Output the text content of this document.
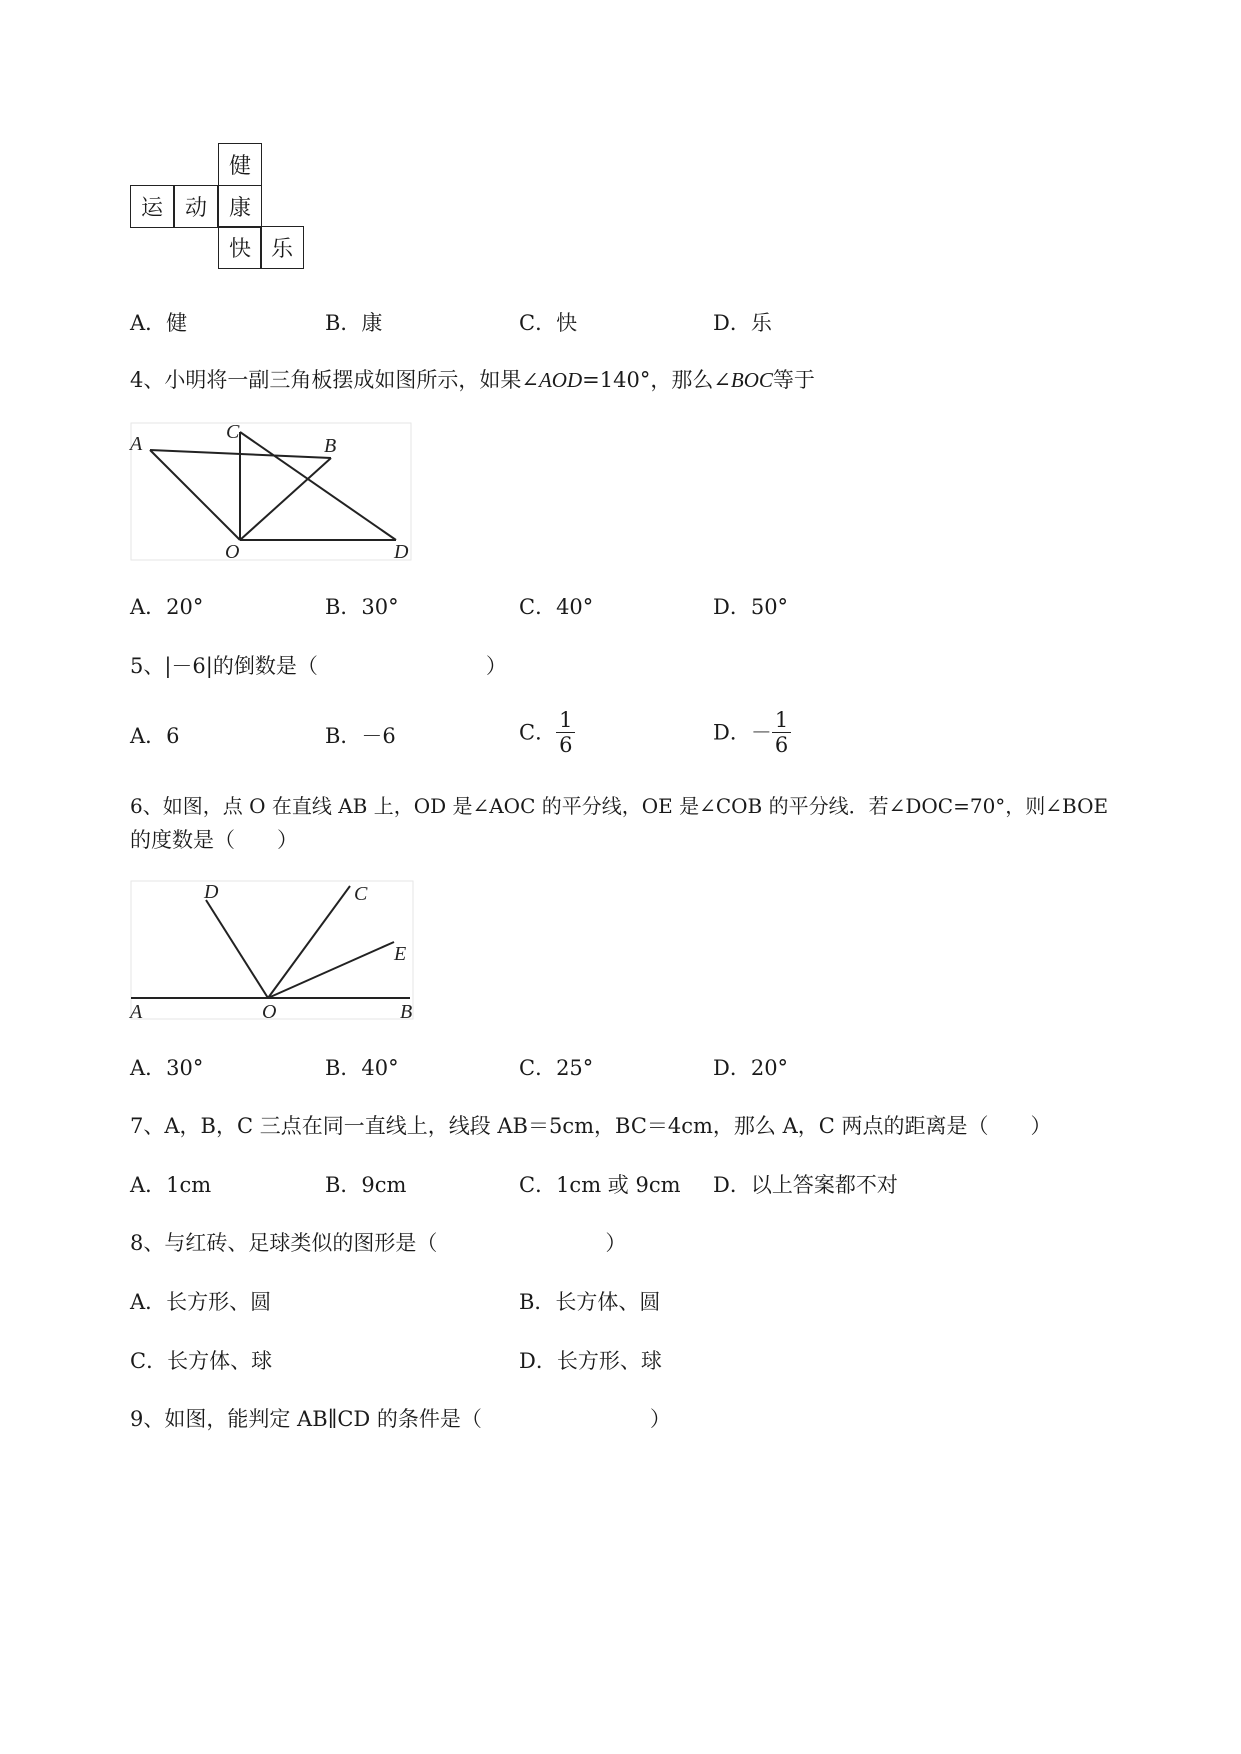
健
运 动 康
快 乐
A．健	B．康	C．快	D．乐
4、小明将一副三角板摆成如图所示，如果∠AOD=140°，那么∠BOC等于
A
C
B
O	D
A．20°	B．30°	C．40°	D．50°
5、|－6|的倒数是（　　　　　　　　）
A．6	B．－6	C． $\frac{1}{6}$	D．－ $\frac{1}{6}$
6、如图，点 O 在直线 AB 上，OD 是∠AOC 的平分线，OE 是∠COB 的平分线．若∠DOC=70°，则∠BOE
的度数是（　　）
D	C
E
A	O	B
A．30°	B．40°	C．25°	D．20°
7、A，B，C 三点在同一直线上，线段 AB＝5cm，BC＝4cm，那么 A，C 两点的距离是（　　）
A．1cm	B．9cm	C．1cm 或 9cm D．以上答案都不对
8、与红砖、足球类似的图形是（　　　　　　　　）
A．长方形、圆	B．长方体、圆
C．长方体、球	D．长方形、球
9、如图，能判定 AB∥CD 的条件是（　　　　　　　　）
